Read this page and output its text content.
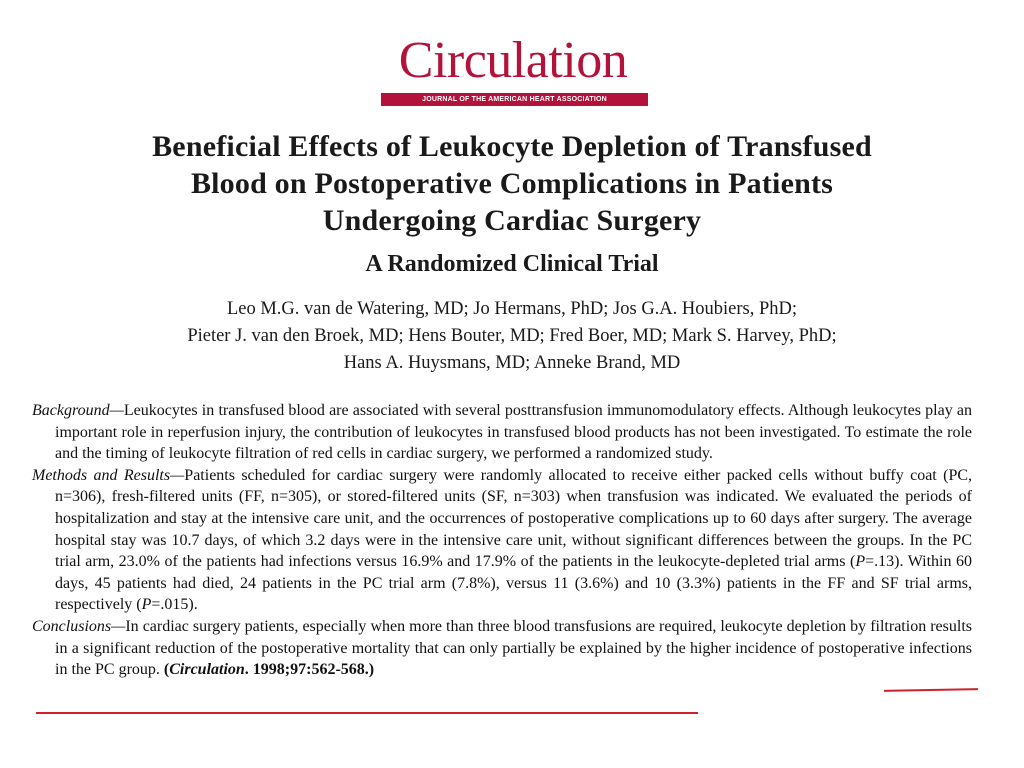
Circulation
JOURNAL OF THE AMERICAN HEART ASSOCIATION
Beneficial Effects of Leukocyte Depletion of Transfused
Blood on Postoperative Complications in Patients
Undergoing Cardiac Surgery
A Randomized Clinical Trial
Leo M.G. van de Watering, MD; Jo Hermans, PhD; Jos G.A. Houbiers, PhD;
Pieter J. van den Broek, MD; Hens Bouter, MD; Fred Boer, MD; Mark S. Harvey, PhD;
Hans A. Huysmans, MD; Anneke Brand, MD

Background—Leukocytes in transfused blood are associated with several posttransfusion immunomodulatory effects. Although leukocytes play an important role in reperfusion injury, the contribution of leukocytes in transfused blood products has not been investigated. To estimate the role and the timing of leukocyte filtration of red cells in cardiac surgery, we performed a randomized study.

Methods and Results—Patients scheduled for cardiac surgery were randomly allocated to receive either packed cells without buffy coat (PC, n=306), fresh-filtered units (FF, n=305), or stored-filtered units (SF, n=303) when transfusion was indicated. We evaluated the periods of hospitalization and stay at the intensive care unit, and the occurrences of postoperative complications up to 60 days after surgery. The average hospital stay was 10.7 days, of which 3.2 days were in the intensive care unit, without significant differences between the groups. In the PC trial arm, 23.0% of the patients had infections versus 16.9% and 17.9% of the patients in the leukocyte-depleted trial arms (P=.13). Within 60 days, 45 patients had died, 24 patients in the PC trial arm (7.8%), versus 11 (3.6%) and 10 (3.3%) patients in the FF and SF trial arms, respectively (P=.015).

Conclusions—In cardiac surgery patients, especially when more than three blood transfusions are required, leukocyte depletion by filtration results in a significant reduction of the postoperative mortality that can only partially be explained by the higher incidence of postoperative infections in the PC group. (Circulation. 1998;97:562-568.)
